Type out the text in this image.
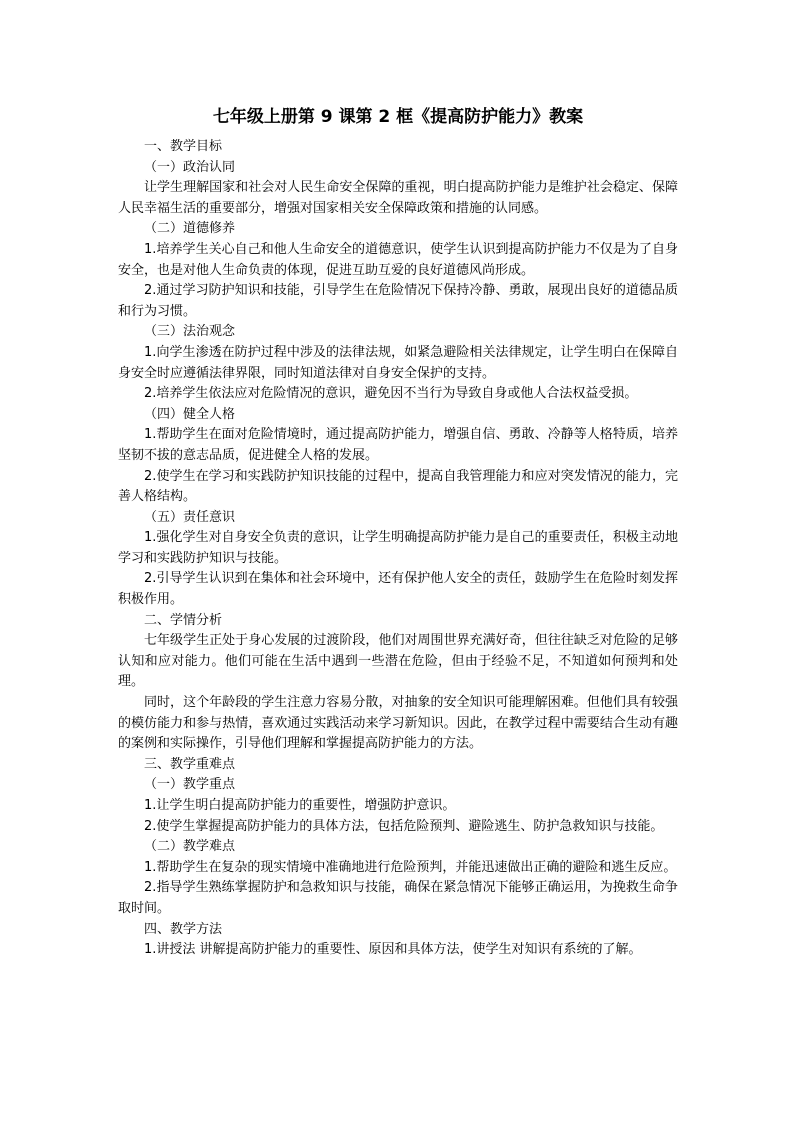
七年级上册第 9 课第 2 框《提高防护能力》教案

一、教学目标

（一）政治认同

让学生理解国家和社会对人民生命安全保障的重视，明白提高防护能力是维护社会稳定、保障人民幸福生活的重要部分，增强对国家相关安全保障政策和措施的认同感。

（二）道德修养

1.培养学生关心自己和他人生命安全的道德意识，使学生认识到提高防护能力不仅是为了自身安全，也是对他人生命负责的体现，促进互助互爱的良好道德风尚形成。

2.通过学习防护知识和技能，引导学生在危险情况下保持冷静、勇敢，展现出良好的道德品质和行为习惯。

（三）法治观念

1.向学生渗透在防护过程中涉及的法律法规，如紧急避险相关法律规定，让学生明白在保障自身安全时应遵循法律界限，同时知道法律对自身安全保护的支持。

2.培养学生依法应对危险情况的意识，避免因不当行为导致自身或他人合法权益受损。

（四）健全人格

1.帮助学生在面对危险情境时，通过提高防护能力，增强自信、勇敢、冷静等人格特质，培养坚韧不拔的意志品质，促进健全人格的发展。

2.使学生在学习和实践防护知识技能的过程中，提高自我管理能力和应对突发情况的能力，完善人格结构。

（五）责任意识

1.强化学生对自身安全负责的意识，让学生明确提高防护能力是自己的重要责任，积极主动地学习和实践防护知识与技能。

2.引导学生认识到在集体和社会环境中，还有保护他人安全的责任，鼓励学生在危险时刻发挥积极作用。

二、学情分析

七年级学生正处于身心发展的过渡阶段，他们对周围世界充满好奇，但往往缺乏对危险的足够认知和应对能力。他们可能在生活中遇到一些潜在危险，但由于经验不足，不知道如何预判和处理。

同时，这个年龄段的学生注意力容易分散，对抽象的安全知识可能理解困难。但他们具有较强的模仿能力和参与热情，喜欢通过实践活动来学习新知识。因此，在教学过程中需要结合生动有趣的案例和实际操作，引导他们理解和掌握提高防护能力的方法。

三、教学重难点

（一）教学重点

1.让学生明白提高防护能力的重要性，增强防护意识。

2.使学生掌握提高防护能力的具体方法，包括危险预判、避险逃生、防护急救知识与技能。

（二）教学难点

1.帮助学生在复杂的现实情境中准确地进行危险预判，并能迅速做出正确的避险和逃生反应。

2.指导学生熟练掌握防护和急救知识与技能，确保在紧急情况下能够正确运用，为挽救生命争取时间。

四、教学方法

1.讲授法 讲解提高防护能力的重要性、原因和具体方法，使学生对知识有系统的了解。
